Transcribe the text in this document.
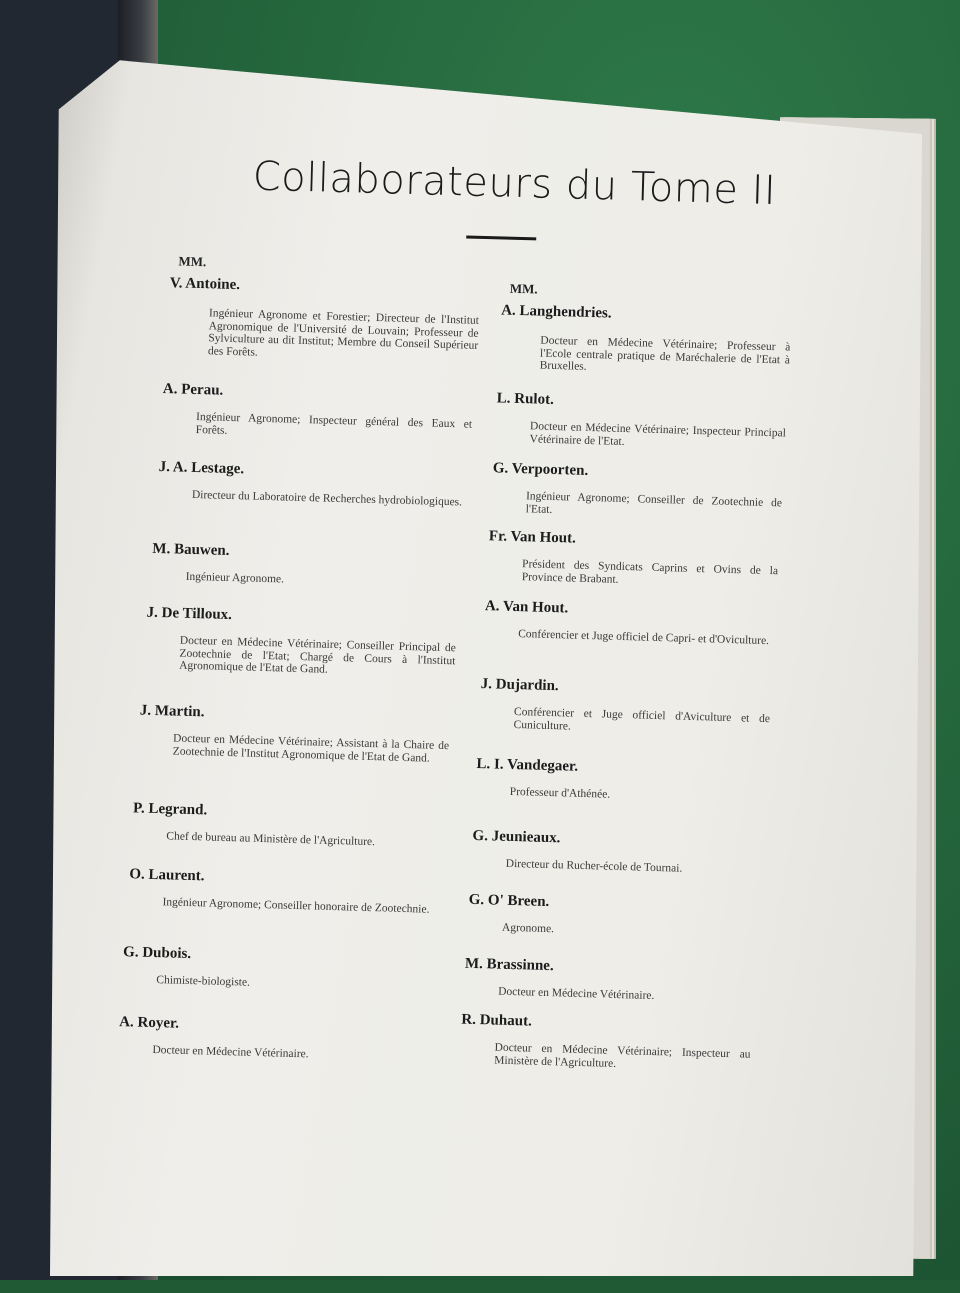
Collaborateurs du Tome II
MM.
MM.
V. Antoine.
Ingénieur Agronome et Forestier; Directeur de l'Institut Agronomique de l'Université de Louvain; Professeur de Sylviculture au dit Institut; Membre du Conseil Supérieur des Forêts.
A. Perau.
Ingénieur Agronome; Inspecteur général des Eaux et Forêts.
J. A. Lestage.
Directeur du Laboratoire de Recherches hydrobiologiques.
M. Bauwen.
Ingénieur Agronome.
J. De Tilloux.
Docteur en Médecine Vétérinaire; Conseiller Principal de Zootechnie de l'Etat; Chargé de Cours à l'Institut Agronomique de l'Etat de Gand.
J. Martin.
Docteur en Médecine Vétérinaire; Assistant à la Chaire de Zootechnie de l'Institut Agronomique de l'Etat de Gand.
P. Legrand.
Chef de bureau au Ministère de l'Agriculture.
O. Laurent.
Ingénieur Agronome; Conseiller honoraire de Zootechnie.
G. Dubois.
Chimiste-biologiste.
A. Royer.
Docteur en Médecine Vétérinaire.
A. Langhendries.
Docteur en Médecine Vétérinaire; Professeur à l'Ecole centrale pratique de Maréchalerie de l'Etat à Bruxelles.
L. Rulot.
Docteur en Médecine Vétérinaire; Inspecteur Principal Vétérinaire de l'Etat.
G. Verpoorten.
Ingénieur Agronome; Conseiller de Zootechnie de l'Etat.
Fr. Van Hout.
Président des Syndicats Caprins et Ovins de la Province de Brabant.
A. Van Hout.
Conférencier et Juge officiel de Capri- et d'Oviculture.
J. Dujardin.
Conférencier et Juge officiel d'Aviculture et de Cuniculture.
L. I. Vandegaer.
Professeur d'Athénée.
G. Jeunieaux.
Directeur du Rucher-école de Tournai.
G. O' Breen.
Agronome.
M. Brassinne.
Docteur en Médecine Vétérinaire.
R. Duhaut.
Docteur en Médecine Vétérinaire; Inspecteur au Ministère de l'Agriculture.
